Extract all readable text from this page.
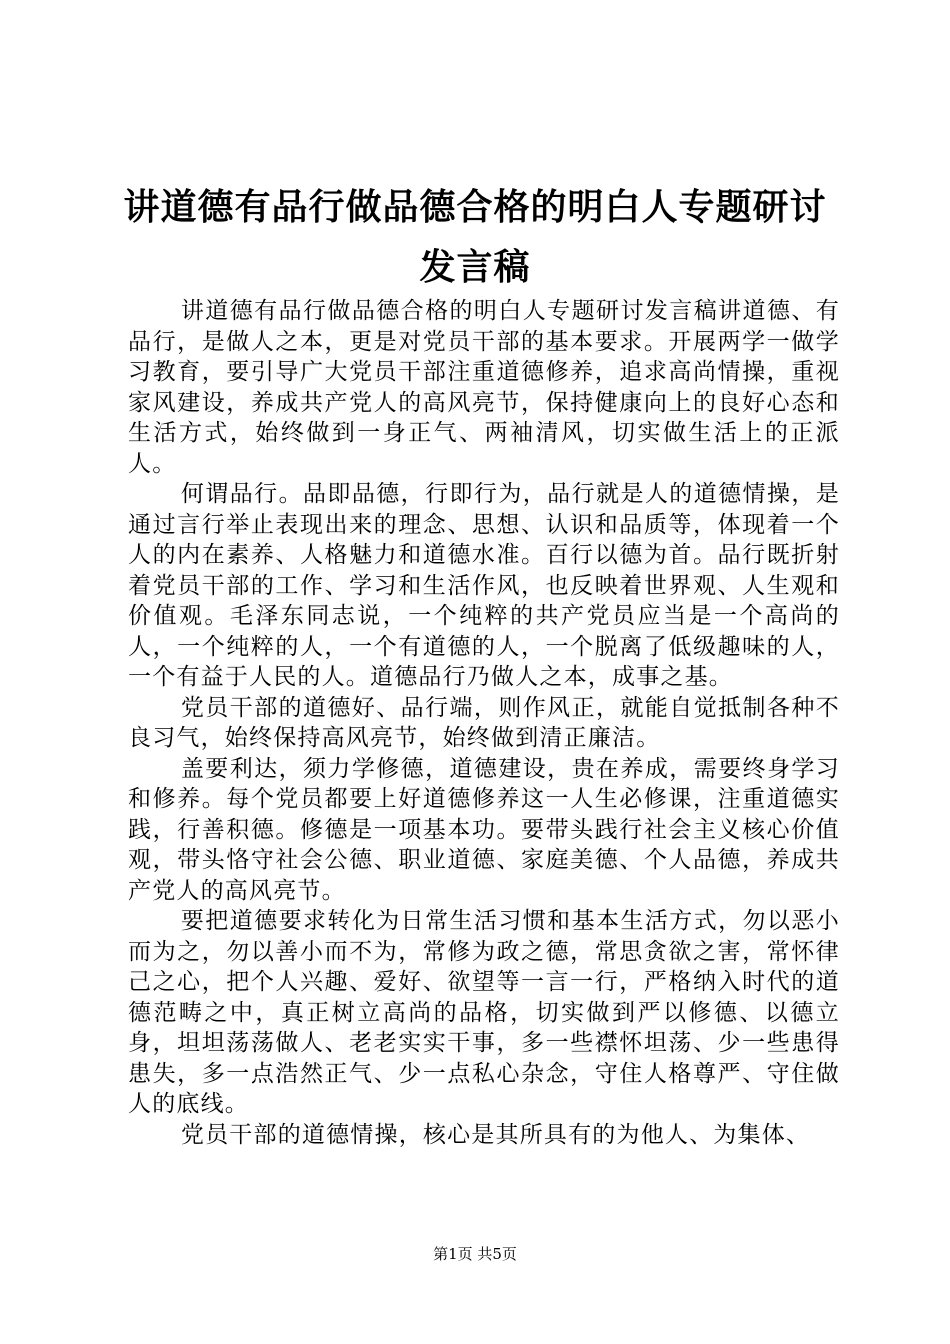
讲道德有品行做品德合格的明白人专题研讨发言稿

讲道德有品行做品德合格的明白人专题研讨发言稿讲道德、有品行，是做人之本，更是对党员干部的基本要求。开展两学一做学习教育，要引导广大党员干部注重道德修养，追求高尚情操，重视家风建设，养成共产党人的高风亮节，保持健康向上的良好心态和生活方式，始终做到一身正气、两袖清风，切实做生活上的正派人。

何谓品行。品即品德，行即行为，品行就是人的道德情操，是通过言行举止表现出来的理念、思想、认识和品质等，体现着一个人的内在素养、人格魅力和道德水准。百行以德为首。品行既折射着党员干部的工作、学习和生活作风，也反映着世界观、人生观和价值观。毛泽东同志说，一个纯粹的共产党员应当是一个高尚的人，一个纯粹的人，一个有道德的人，一个脱离了低级趣味的人，一个有益于人民的人。道德品行乃做人之本，成事之基。

党员干部的道德好、品行端，则作风正，就能自觉抵制各种不良习气，始终保持高风亮节，始终做到清正廉洁。

盖要利达，须力学修德，道德建设，贵在养成，需要终身学习和修养。每个党员都要上好道德修养这一人生必修课，注重道德实践，行善积德。修德是一项基本功。要带头践行社会主义核心价值观，带头恪守社会公德、职业道德、家庭美德、个人品德，养成共产党人的高风亮节。

要把道德要求转化为日常生活习惯和基本生活方式，勿以恶小而为之，勿以善小而不为，常修为政之德，常思贪欲之害，常怀律己之心，把个人兴趣、爱好、欲望等一言一行，严格纳入时代的道德范畴之中，真正树立高尚的品格，切实做到严以修德、以德立身，坦坦荡荡做人、老老实实干事，多一些襟怀坦荡、少一些患得患失，多一点浩然正气、少一点私心杂念，守住人格尊严、守住做人的底线。

党员干部的道德情操，核心是其所具有的为他人、为集体、

第1页 共5页
